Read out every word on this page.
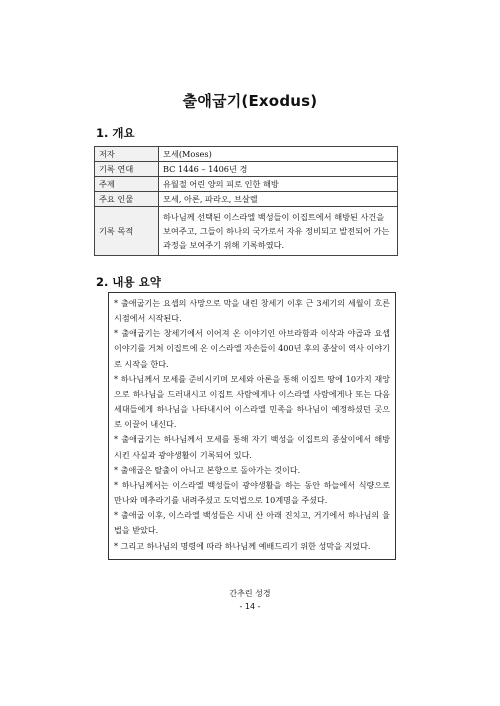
출애굽기(Exodus)
1. 개요
저자	모세(Moses)
기록 연대	BC 1446 – 1406년 경
주제	유월절 어린 양의 피로 인한 해방
주요 인물	모세, 아론, 파라오, 브살렐
기록 목적	하나님께 선택된 이스라엘 백성들이 이집트에서 해방된 사건을 보여주고, 그들이 하나의 국가로서 자유 정비되고 발전되어 가는 과정을 보여주기 위해 기록하였다.
2. 내용 요약

* 출애굽기는 요셉의 사망으로 막을 내린 창세기 이후 근 3세기의 세월이 흐른 시점에서 시작된다.

* 출애굽기는 창세기에서 이어져 온 이야기인 아브라함과 이삭과 야곱과 요셉 이야기를 거쳐 이집트에 온 이스라엘 자손들이 400년 후의 종살이 역사 이야기로 시작을 한다.

* 하나님께서 모세를 준비시키며 모세와 아론을 통해 이집트 땅에 10가지 재앙으로 하나님을 드러내시고 이집트 사람에게나 이스라엘 사람에게나 또는 다음 세대들에게 하나님을 나타내시어 이스라엘 민족을 하나님이 예정하셨던 곳으로 이끌어 내신다.

* 출애굽기는 하나님께서 모세를 통해 자기 백성을 이집트의 종살이에서 해방시킨 사실과 광야생활이 기록되어 있다.

* 출애굽은 탈출이 아니고 본향으로 돌아가는 것이다.

* 하나님께서는 이스라엘 백성들이 광야생활을 하는 동안 하늘에서 식량으로 만나와 메추라기를 내려주셨고 도덕법으로 10계명을 주셨다.

* 출애굽 이후, 이스라엘 백성들은 시내 산 아래 진치고, 거기에서 하나님의 율법을 받았다.

* 그리고 하나님의 명령에 따라 하나님께 예배드리기 위한 성막을 지었다.

간추린 성경
- 14 -
